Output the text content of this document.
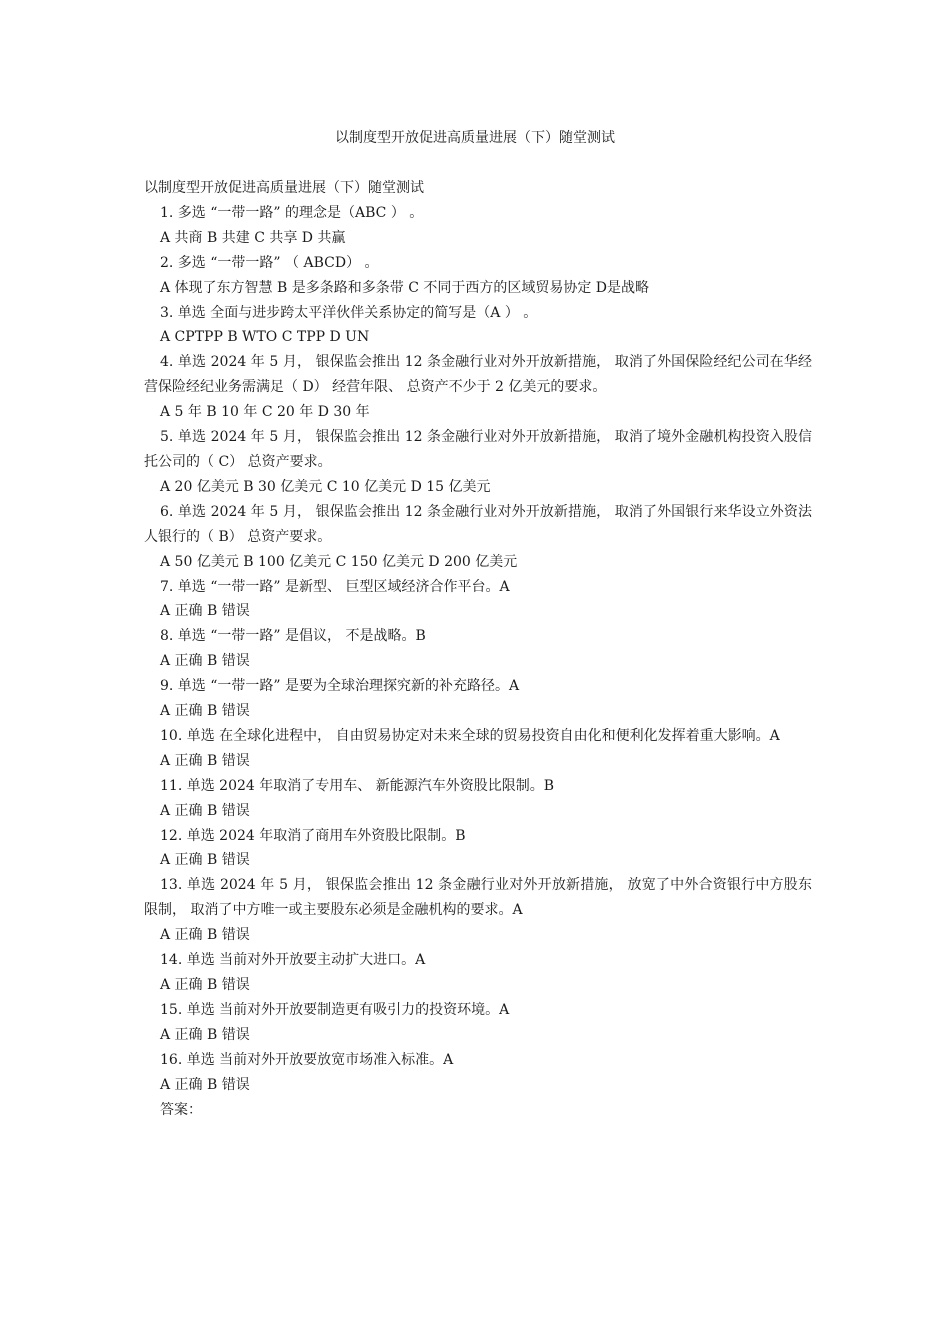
以制度型开放促进高质量进展（下）随堂测试
以制度型开放促进高质量进展（下）随堂测试
1. 多选 “一带一路” 的理念是（ABC ） 。
A 共商 B 共建 C 共享 D 共赢
2. 多选 “一带一路” （ ABCD） 。
A 体现了东方智慧 B 是多条路和多条带 C 不同于西方的区域贸易协定 D是战略
3. 单选 全面与进步跨太平洋伙伴关系协定的简写是（A ） 。
A CPTPP B WTO C TPP D UN
4. 单选 2024 年 5 月， 银保监会推出 12 条金融行业对外开放新措施， 取消了外国保险经纪公司在华经营保险经纪业务需满足（ D） 经营年限、 总资产不少于 2 亿美元的要求。
A 5 年 B 10 年 C 20 年 D 30 年
5. 单选 2024 年 5 月， 银保监会推出 12 条金融行业对外开放新措施， 取消了境外金融机构投资入股信托公司的（ C） 总资产要求。
A 20 亿美元 B 30 亿美元 C 10 亿美元 D 15 亿美元
6. 单选 2024 年 5 月， 银保监会推出 12 条金融行业对外开放新措施， 取消了外国银行来华设立外资法人银行的（ B） 总资产要求。
A 50 亿美元 B 100 亿美元 C 150 亿美元 D 200 亿美元
7. 单选 “一带一路” 是新型、 巨型区域经济合作平台。A
A 正确 B 错误
8. 单选 “一带一路” 是倡议， 不是战略。B
A 正确 B 错误
9. 单选 “一带一路” 是要为全球治理探究新的补充路径。A
A 正确 B 错误
10. 单选 在全球化进程中， 自由贸易协定对未来全球的贸易投资自由化和便利化发挥着重大影响。A
A 正确 B 错误
11. 单选 2024 年取消了专用车、 新能源汽车外资股比限制。B
A 正确 B 错误
12. 单选 2024 年取消了商用车外资股比限制。B
A 正确 B 错误
13. 单选 2024 年 5 月， 银保监会推出 12 条金融行业对外开放新措施， 放宽了中外合资银行中方股东限制， 取消了中方唯一或主要股东必须是金融机构的要求。A
A 正确 B 错误
14. 单选 当前对外开放要主动扩大进口。A
A 正确 B 错误
15. 单选 当前对外开放要制造更有吸引力的投资环境。A
A 正确 B 错误
16. 单选 当前对外开放要放宽市场准入标准。A
A 正确 B 错误
答案：
